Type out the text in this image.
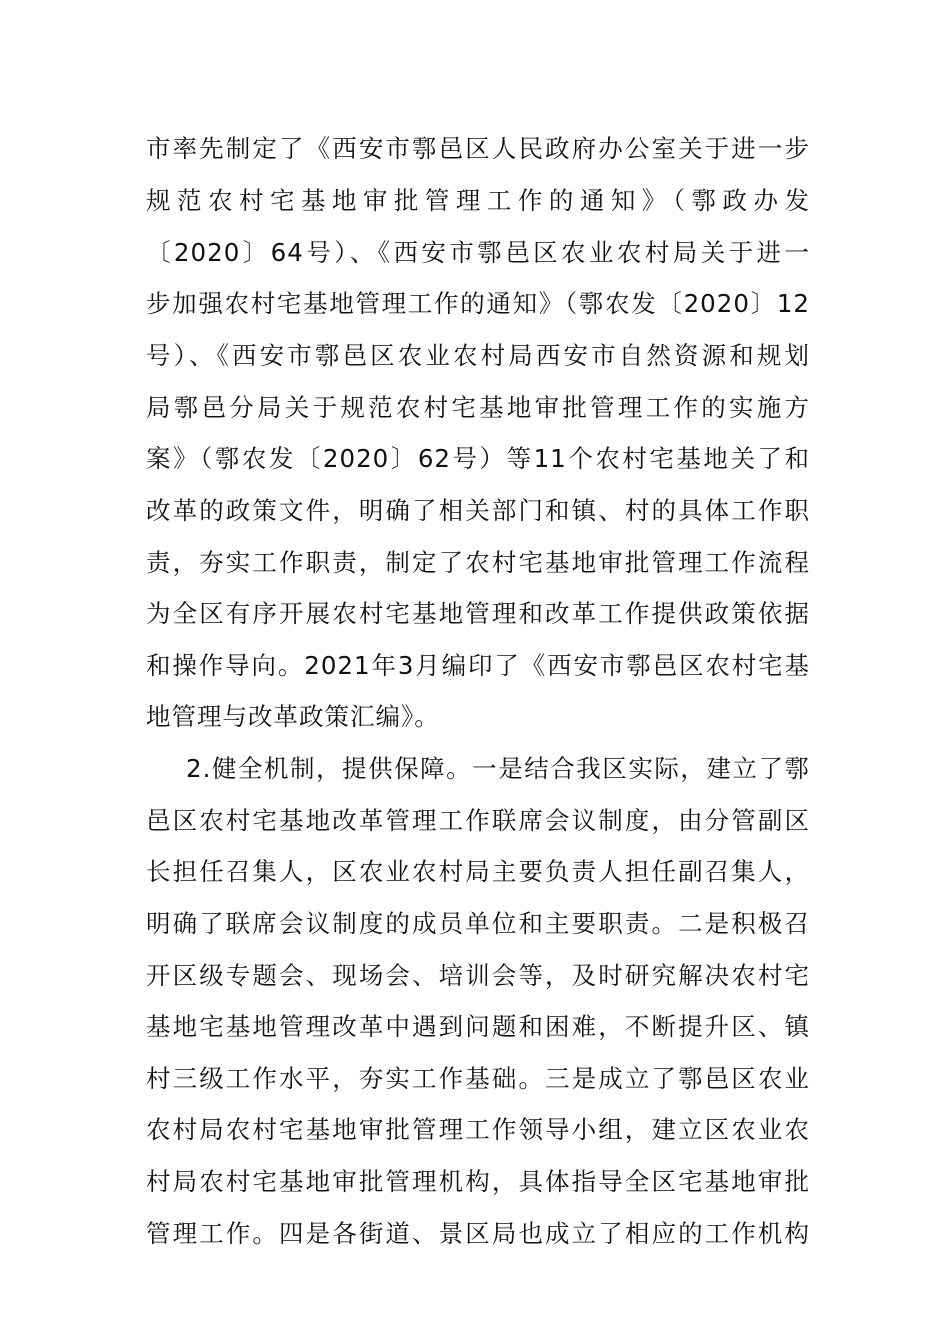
市率先制定了《西安市鄠邑区人民政府办公室关于进一步
规范农村宅基地审批管理工作的通知》（鄠政办发
〔2020〕64号）、《西安市鄠邑区农业农村局关于进一
步加强农村宅基地管理工作的通知》（鄠农发〔2020〕12
号）、《西安市鄠邑区农业农村局西安市自然资源和规划
局鄠邑分局关于规范农村宅基地审批管理工作的实施方
案》（鄠农发〔2020〕62号）等11个农村宅基地关了和
改革的政策文件，明确了相关部门和镇、村的具体工作职
责，夯实工作职责，制定了农村宅基地审批管理工作流程
为全区有序开展农村宅基地管理和改革工作提供政策依据
和操作导向。2021年3月编印了《西安市鄠邑区农村宅基
地管理与改革政策汇编》。
2.健全机制，提供保障。一是结合我区实际，建立了鄠
邑区农村宅基地改革管理工作联席会议制度，由分管副区
长担任召集人，区农业农村局主要负责人担任副召集人，
明确了联席会议制度的成员单位和主要职责。二是积极召
开区级专题会、现场会、培训会等，及时研究解决农村宅
基地宅基地管理改革中遇到问题和困难，不断提升区、镇
村三级工作水平，夯实工作基础。三是成立了鄠邑区农业
农村局农村宅基地审批管理工作领导小组，建立区农业农
村局农村宅基地审批管理机构，具体指导全区宅基地审批
管理工作。四是各街道、景区局也成立了相应的工作机构
